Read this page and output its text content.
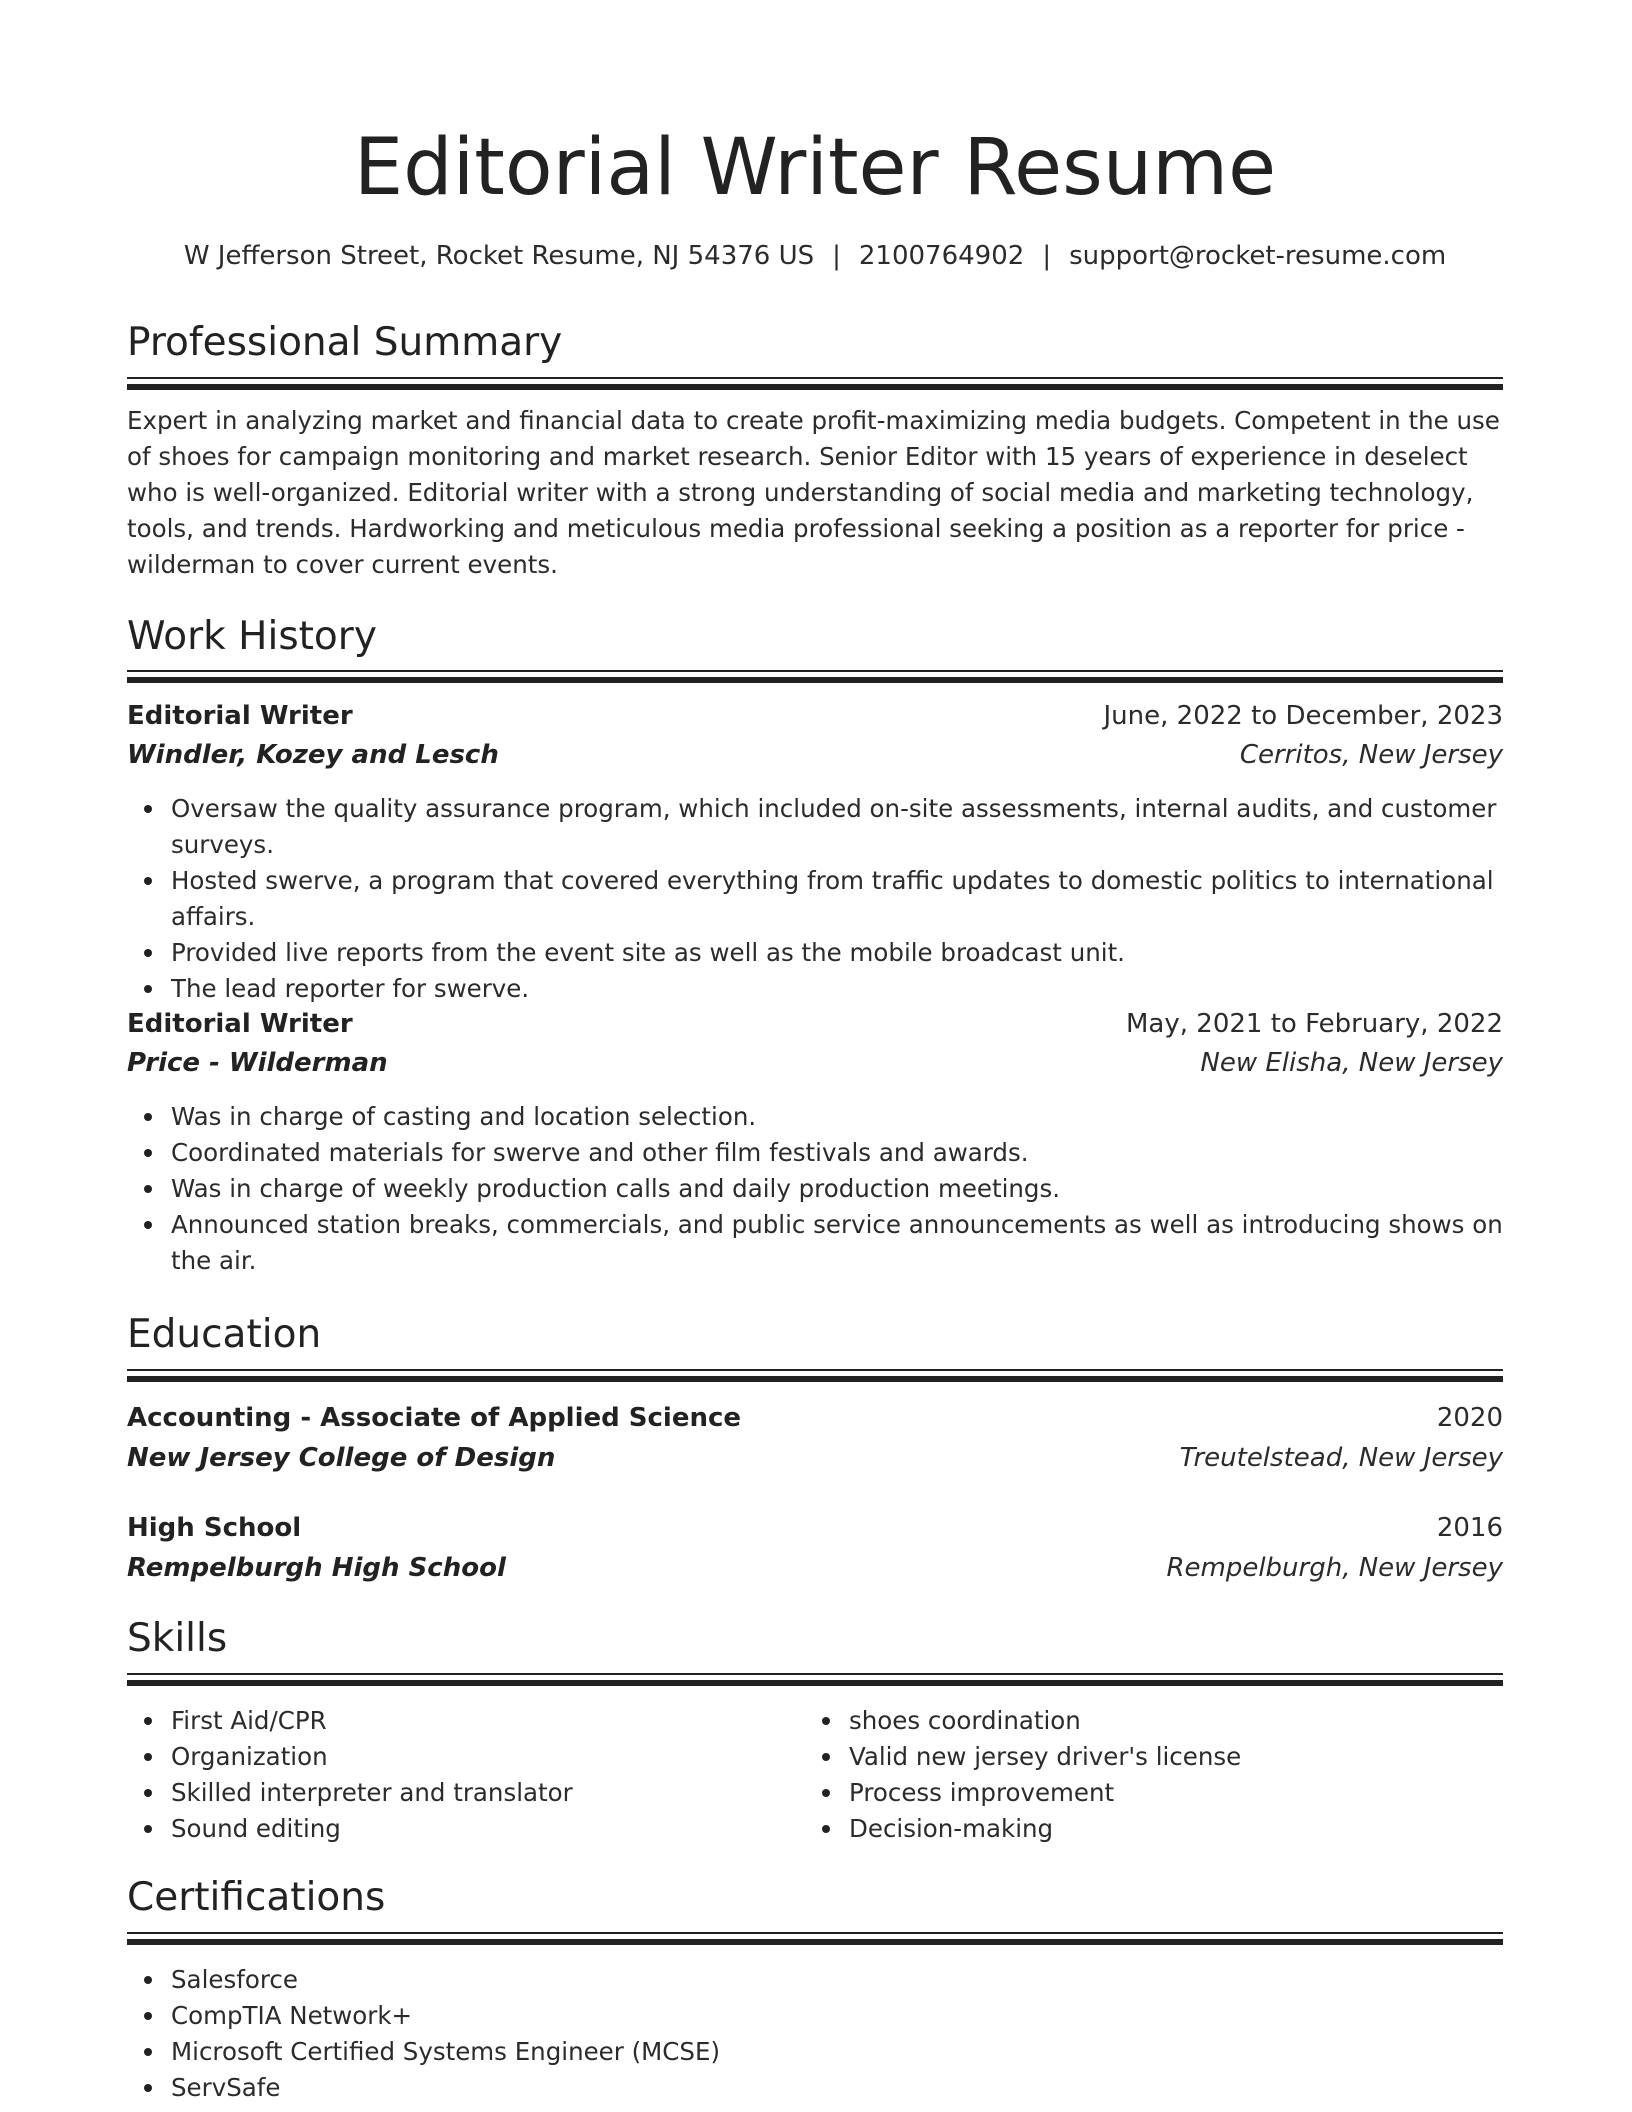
Editorial Writer Resume
W Jefferson Street, Rocket Resume, NJ 54376 US | 2100764902 | support@rocket-resume.com
Professional Summary

Expert in analyzing market and financial data to create profit-maximizing media budgets. Competent in the use of shoes for campaign monitoring and market research. Senior Editor with 15 years of experience in deselect who is well-organized. Editorial writer with a strong understanding of social media and marketing technology, tools, and trends. Hardworking and meticulous media professional seeking a position as a reporter for price - wilderman to cover current events.

Work History
Editorial Writer	June, 2022 to December, 2023
Windler, Kozey and Lesch	Cerritos, New Jersey
Oversaw the quality assurance program, which included on-site assessments, internal audits, and customer surveys.
Hosted swerve, a program that covered everything from traffic updates to domestic politics to international affairs.
Provided live reports from the event site as well as the mobile broadcast unit.
The lead reporter for swerve.
Editorial Writer	May, 2021 to February, 2022
Price - Wilderman	New Elisha, New Jersey
Was in charge of casting and location selection.
Coordinated materials for swerve and other film festivals and awards.
Was in charge of weekly production calls and daily production meetings.
Announced station breaks, commercials, and public service announcements as well as introducing shows on the air.
Education
Accounting - Associate of Applied Science	2020
New Jersey College of Design	Treutelstead, New Jersey
High School	2016
Rempelburgh High School	Rempelburgh, New Jersey
Skills
First Aid/CPR
Organization
Skilled interpreter and translator
Sound editing
shoes coordination
Valid new jersey driver's license
Process improvement
Decision-making
Certifications
Salesforce
CompTIA Network+
Microsoft Certified Systems Engineer (MCSE)
ServSafe
